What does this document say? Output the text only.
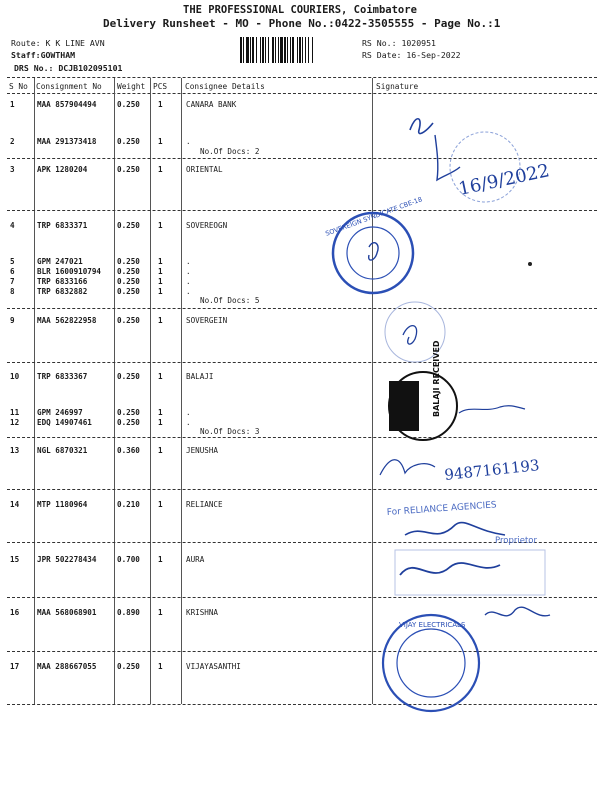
THE PROFESSIONAL COURIERS, Coimbatore
Delivery Runsheet - MO - Phone No.:0422-3505555 - Page No.:1
Route: K K LINE AVN
Staff:GOWTHAM
DRS No.: DCJB102095101
RS No.: 1020951
RS Date: 16-Sep-2022
S No Consignment No Weight PCS Consignee Details	Signature
1	MAA 857904494	0.250 1	CANARA BANK
2	MAA 291373418	0.250 1	.
No.Of Docs: 2
3	APK 1280204	0.250 1	ORIENTAL
4	TRP 6833371	0.250 1	SOVEREOGN
5	GPM 247021	0.250 1	.
6	BLR 1600910794 0.250 1	.
7	TRP 6833166	0.250 1	.
8	TRP 6832882	0.250 1	.
No.Of Docs: 5
9	MAA 562822958	0.250 1	SOVERGEIN
10 TRP 6833367	0.250 1	BALAJI
11 GPM 246997	0.250 1	.
12 EDQ 14907461	0.250 1	.
No.Of Docs: 3
13 NGL 6870321	0.360 1	JENUSHA
14 MTP 1180964	0.210 1	RELIANCE
15 JPR 502278434	0.700 1	AURA
16 MAA 568068901	0.890 1	KRISHNA
17 MAA 288667055	0.250 1	VIJAYASANTHI
16/9/2022
SOVEREIGN SYNDICATE CBE-18
BALAJI RECEIVED
9487161193
For RELIANCE AGENCIES
Proprietor
VIJAY ELECTRICALS
